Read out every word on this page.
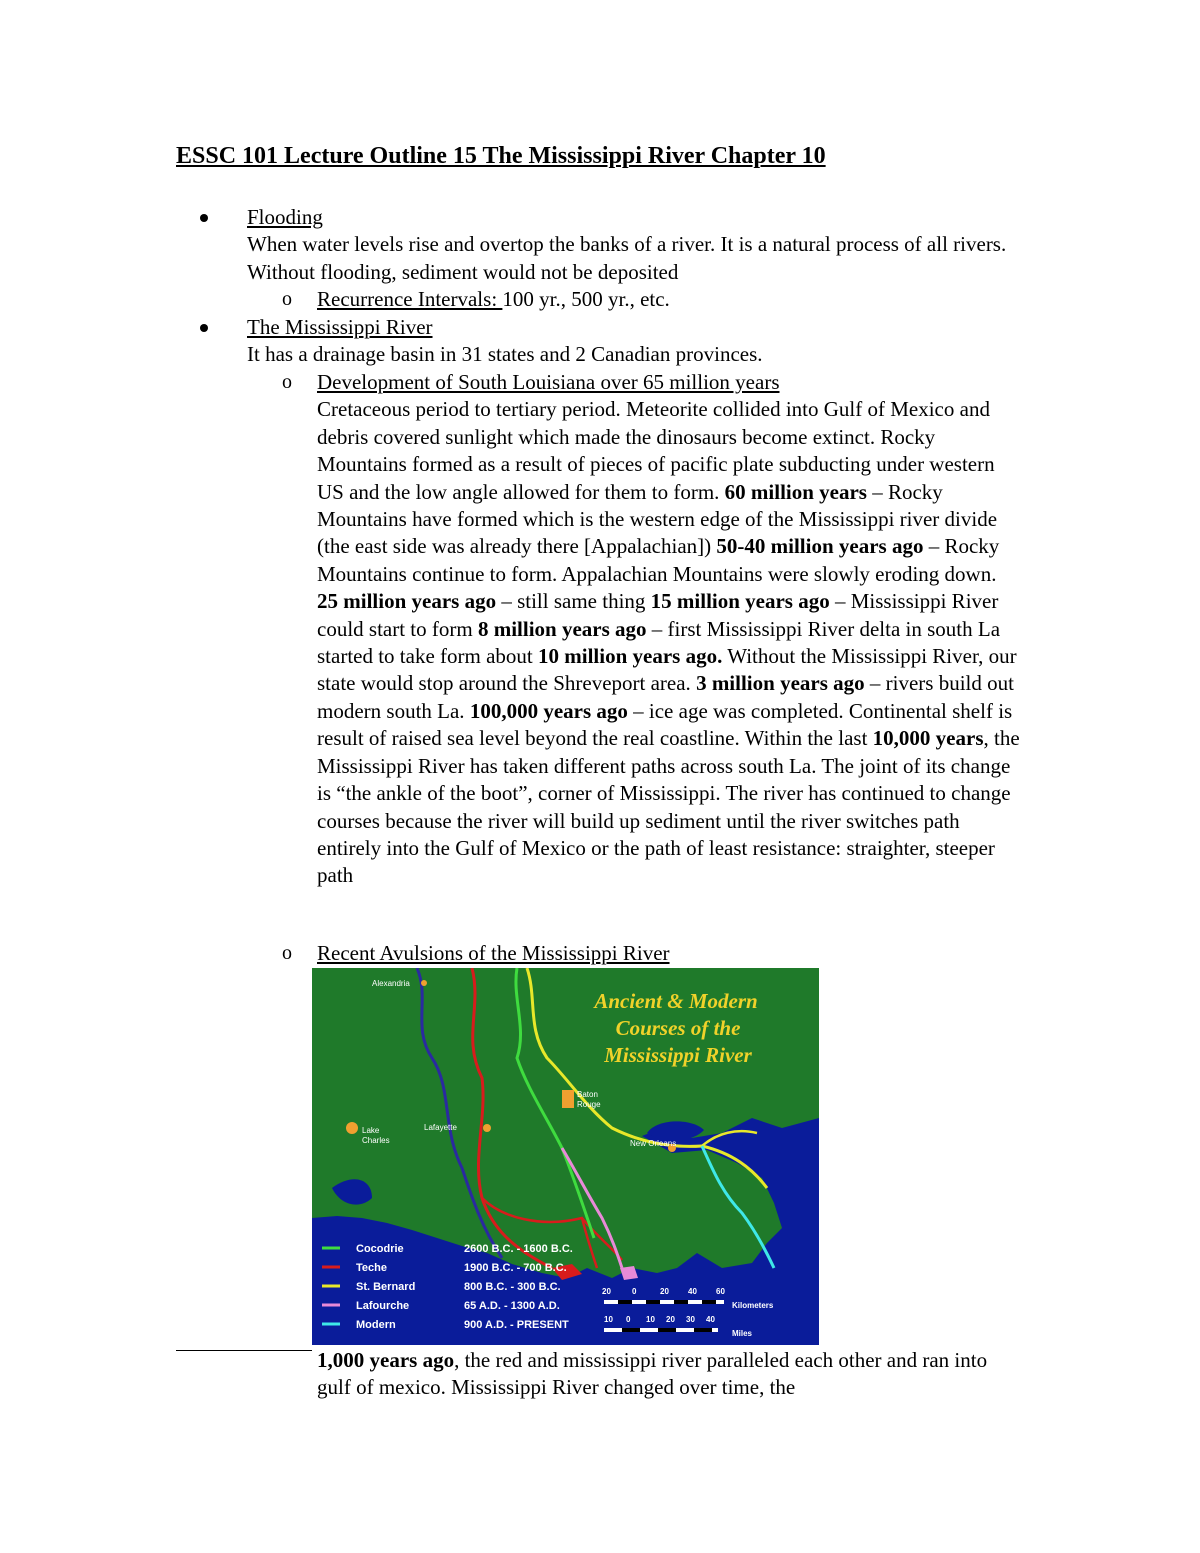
ESSC 101 Lecture Outline 15 The Mississippi River Chapter 10

Flooding

When water levels rise and overtop the banks of a river. It is a natural process of all rivers. Without flooding, sediment would not be deposited

o Recurrence Intervals: 100 yr., 500 yr., etc.

The Mississippi River

It has a drainage basin in 31 states and 2 Canadian provinces.

o Development of South Louisiana over 65 million years

Cretaceous period to tertiary period. Meteorite collided into Gulf of Mexico and debris covered sunlight which made the dinosaurs become extinct. Rocky Mountains formed as a result of pieces of pacific plate subducting under western US and the low angle allowed for them to form. 60 million years – Rocky Mountains have formed which is the western edge of the Mississippi river divide (the east side was already there [Appalachian]) 50-40 million years ago – Rocky Mountains continue to form. Appalachian Mountains were slowly eroding down. 25 million years ago – still same thing 15 million years ago – Mississippi River could start to form 8 million years ago – first Mississippi River delta in south La started to take form about 10 million years ago. Without the Mississippi River, our state would stop around the Shreveport area. 3 million years ago – rivers build out modern south La. 100,000 years ago – ice age was completed. Continental shelf is result of raised sea level beyond the real coastline. Within the last 10,000 years, the Mississippi River has taken different paths across south La. The joint of its change is “the ankle of the boot”, corner of Mississippi. The river has continued to change courses because the river will build up sediment until the river switches path entirely into the Gulf of Mexico or the path of least resistance: straighter, steeper path

o Recent Avulsions of the Mississippi River

Ancient & Modern
Courses of the
Mississippi River
Alexandria
Baton
Rouge
Lake
Charles
Lafayette
New Orleans
Cocodrie	2600 B.C. - 1600 B.C.
Teche	1900 B.C. - 700 B.C.
St. Bernard	800 B.C. - 300 B.C.
Lafourche	65 A.D. - 1300 A.D.
Modern	900 A.D. - PRESENT
20	0	20 40 60
Kilometers
10 0 10 20 30 40
Miles

1,000 years ago, the red and mississippi river paralleled each other and ran into gulf of mexico. Mississippi River changed over time, the
